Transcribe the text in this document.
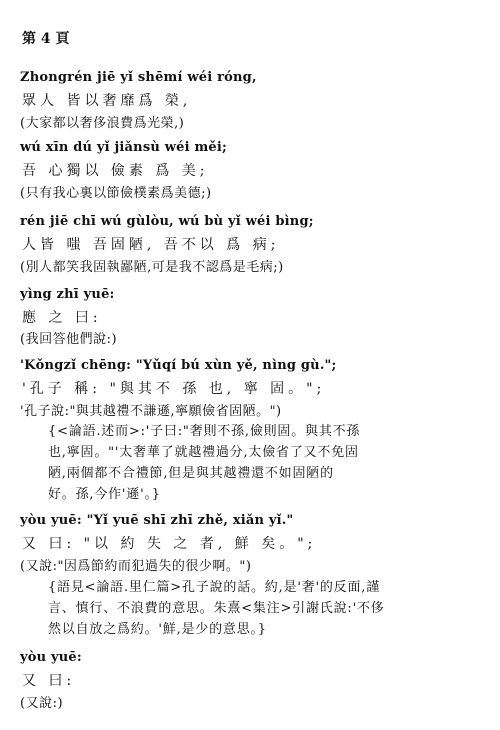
第 4 頁
Zhongrén jiē yǐ shēmí wéi róng,
眾人 皆以奢靡爲 榮,
(大家都以奢侈浪費爲光榮,)
wú xīn dú yǐ jiǎnsù wéi měi;
吾 心獨以 儉素 爲 美;
(只有我心裏以節儉樸素爲美德;)
rén jiē chī wú gùlòu, wú bù yǐ wéi bìng;
人皆 嗤 吾固陋, 吾不以 爲 病;
(別人都笑我固執鄙陋,可是我不認爲是毛病;)
yìng zhī yuē:
應 之 曰:
(我回答他們說:)
'Kǒngzǐ chēng: "Yǔqí bú xùn yě, nìng gù.";
'孔子 稱: "與其不 孫 也, 寧 固。";
'孔子說:"與其越禮不謙遜,寧願儉省固陋。")
{<論語.述而>:'子曰:"奢則不孫,儉則固。與其不孫
也,寧固。"'太奢華了就越禮過分,太儉省了又不免固
陋,兩個都不合禮節,但是與其越禮還不如固陋的
好。孫,今作'遜'。}
yòu yuē: "Yǐ yuē shī zhī zhě, xiǎn yǐ."
又 曰: "以 約 失 之 者, 鮮 矣。";
(又說:"因爲節約而犯過失的很少啊。")
{語見<論語.里仁篇>孔子說的話。約,是'奢'的反面,謹
言、慎行、不浪費的意思。朱熹<集注>引謝氏說:'不侈
然以自放之爲約。'鮮,是少的意思。}
yòu yuē:
又 曰:
(又說:)
